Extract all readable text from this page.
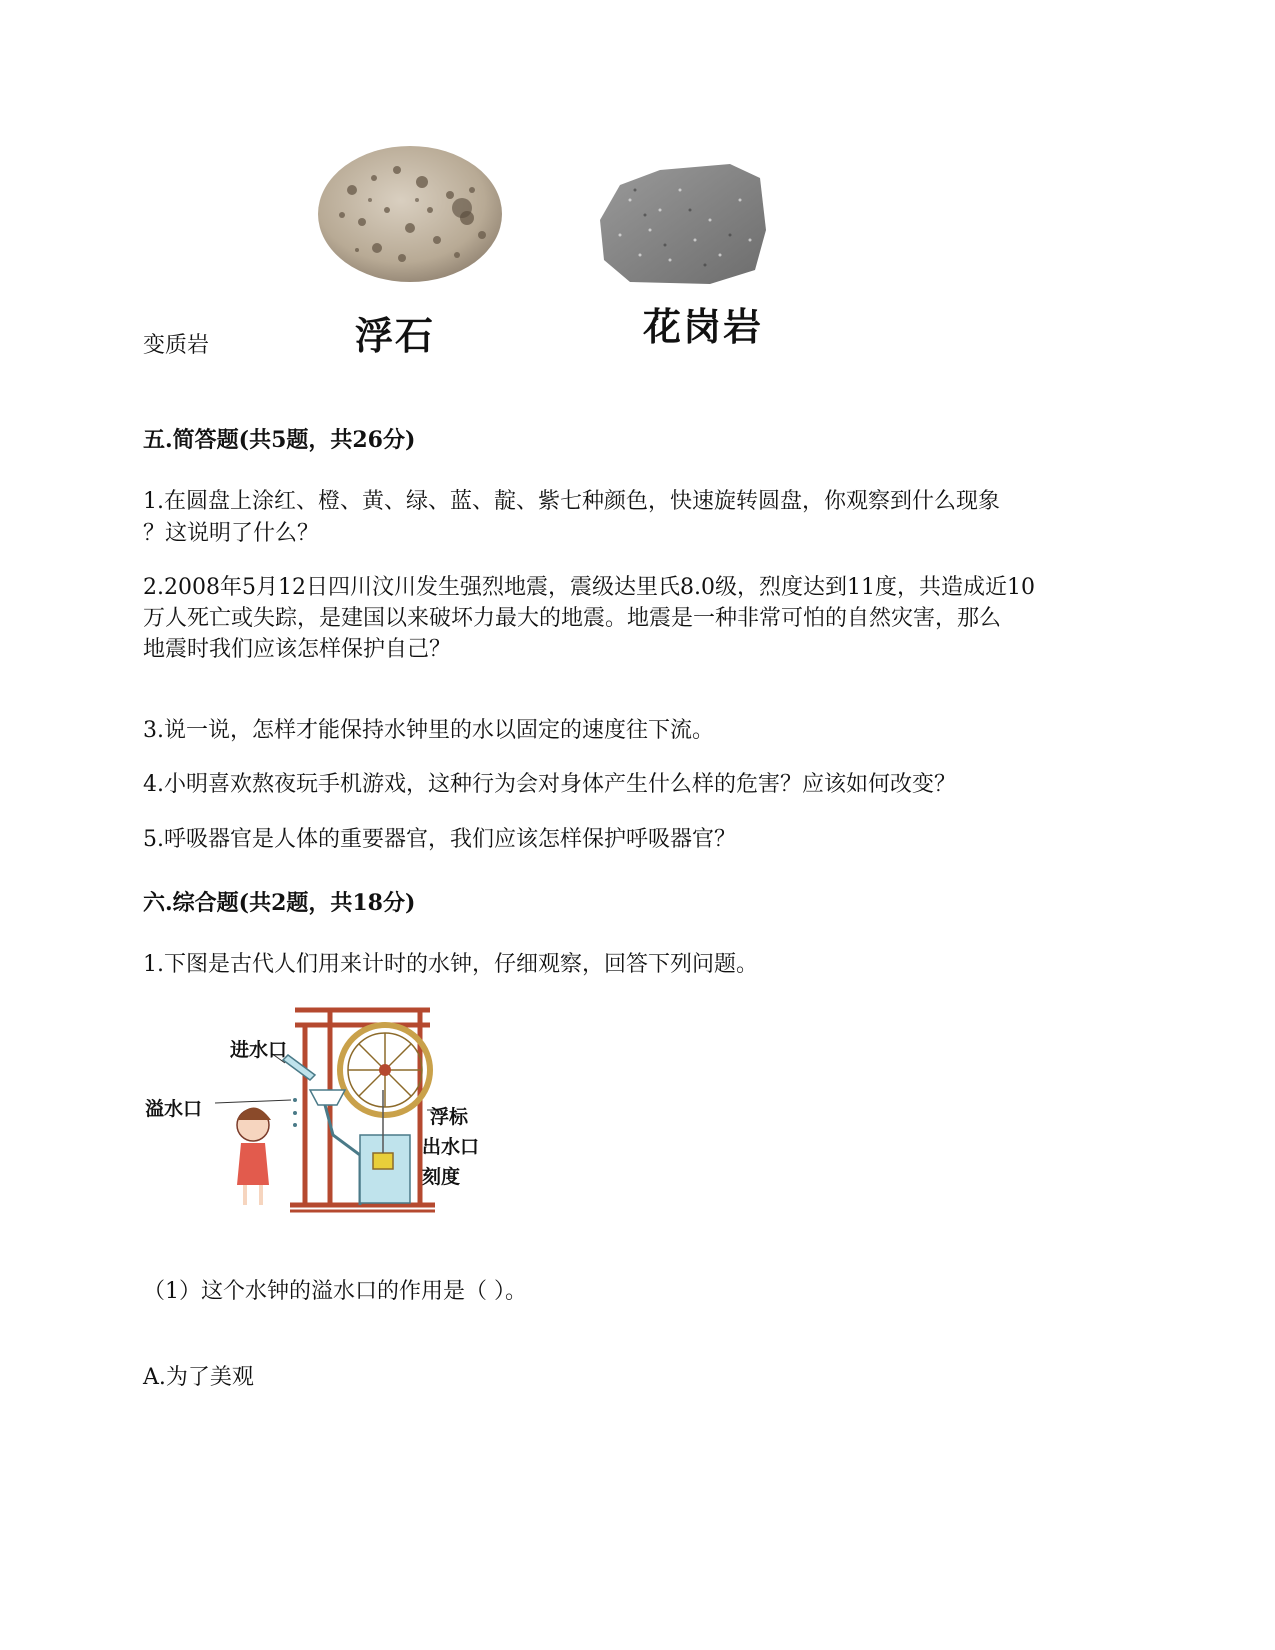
浮石	花岗岩
变质岩
五.简答题(共5题，共26分)
1.在圆盘上涂红、橙、黄、绿、蓝、靛、紫七种颜色，快速旋转圆盘，你观察到什么现象
？这说明了什么？
2.2008年5月12日四川汶川发生强烈地震，震级达里氏8.0级，烈度达到11度，共造成近10
万人死亡或失踪，是建国以来破坏力最大的地震。地震是一种非常可怕的自然灾害，那么
地震时我们应该怎样保护自己？
3.说一说，怎样才能保持水钟里的水以固定的速度往下流。
4.小明喜欢熬夜玩手机游戏，这种行为会对身体产生什么样的危害？应该如何改变？
5.呼吸器官是人体的重要器官，我们应该怎样保护呼吸器官？
六.综合题(共2题，共18分)
1.下图是古代人们用来计时的水钟，仔细观察，回答下列问题。
进水口
溢水口	浮标
出水口
刻度
（1）这个水钟的溢水口的作用是（ ）。
A.为了美观
